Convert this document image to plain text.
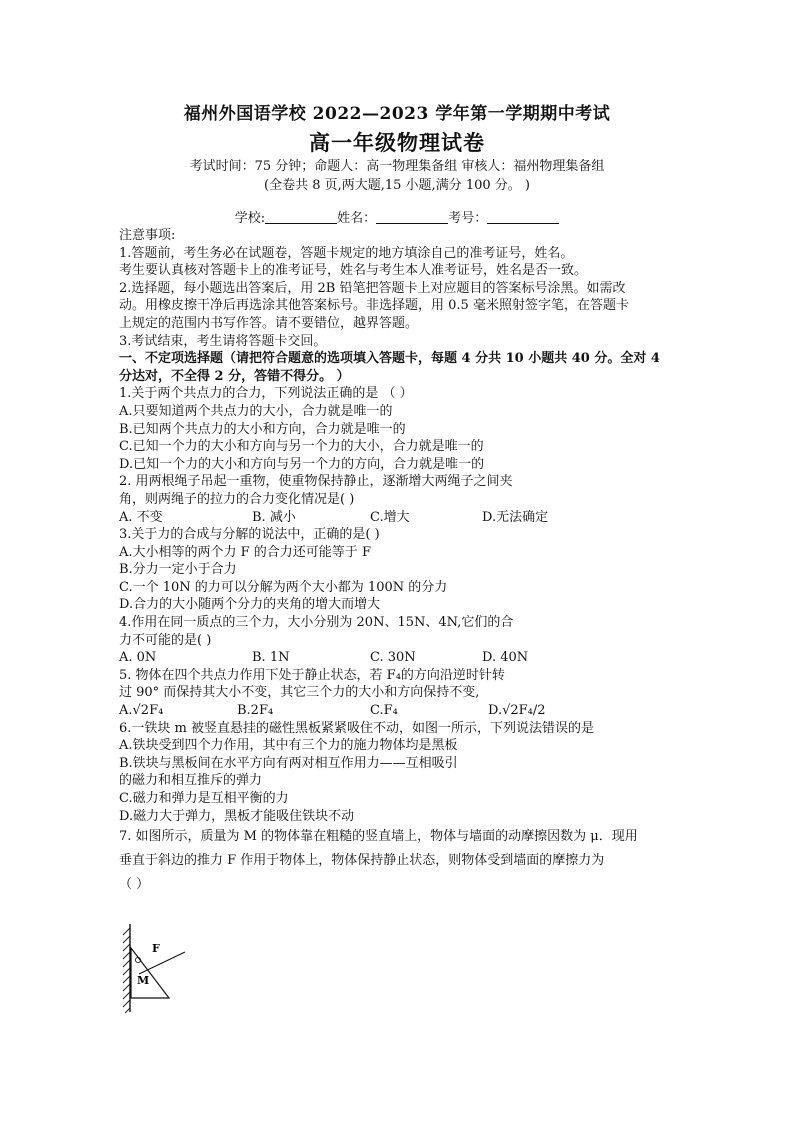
福州外国语学校 2022—2023 学年第一学期期中考试
高一年级物理试卷
考试时间：75 分钟；命题人：高一物理集备组 审核人：福州物理集备组
(全卷共 8 页,两大题,15 小题,满分 100 分。 )
学校:	姓名：	考号：
注意事项:
1.答题前，考生务必在试题卷，答题卡规定的地方填涂自己的准考证号，姓名。
考生要认真核对答题卡上的准考证号，姓名与考生本人准考证号，姓名是否一致。
2.选择题，每小题选出答案后，用 2B 铅笔把答题卡上对应题目的答案标号涂黑。如需改
动。用橡皮擦干净后再选涂其他答案标号。非选择题，用 0.5 毫米照射签字笔，在答题卡
上规定的范围内书写作答。请不要错位，越界答题。
3.考试结束，考生请将答题卡交回。
一、不定项选择题（请把符合题意的选项填入答题卡，每题 4 分共 10 小题共 40 分。全对 4
分达对，不全得 2 分，答错不得分。 ）
1.关于两个共点力的合力，下列说法正确的是 （ ）
A.只要知道两个共点力的大小，合力就是唯一的
B.已知两个共点力的大小和方向，合力就是唯一的
C.已知一个力的大小和方向与另一个力的大小，合力就是唯一的
D.已知一个力的大小和方向与另一个力的方向，合力就是唯一的
2. 用两根绳子吊起一重物，使重物保持静止，逐渐增大两绳子之间夹
角，则两绳子的拉力的合力变化情况是( )
A. 不变	B. 减小	C.增大	D.无法确定
3.关于力的合成与分解的说法中，正确的是( )
A.大小相等的两个力 F 的合力还可能等于 F
B.分力一定小于合力
C.一个 10N 的力可以分解为两个大小都为 100N 的分力
D.合力的大小随两个分力的夹角的增大而增大
4.作用在同一质点的三个力，大小分别为 20N、15N、4N,它们的合
力不可能的是( )
A. 0N	B. 1N	C. 30N	D. 40N
5. 物体在四个共点力作用下处于静止状态，若 F₄的方向沿逆时针转
过 90° 而保持其大小不变，其它三个力的大小和方向保持不变,
A.√2F₄	B.2F₄	C.F₄	D.√2F₄/2
6.一铁块 m 被竖直悬挂的磁性黑板紧紧吸住不动，如图一所示，下列说法错误的是
A.铁块受到四个力作用，其中有三个力的施力物体均是黑板
B.铁块与黑板间在水平方向有两对相互作用力——互相吸引
的磁力和相互推斥的弹力
C.磁力和弹力是互相平衡的力
D.磁力大于弹力，黑板才能吸住铁块不动
7. 如图所示，质量为 M 的物体靠在粗糙的竖直墙上，物体与墙面的动摩擦因数为 μ．现用
垂直于斜边的推力 F 作用于物体上，物体保持静止状态，则物体受到墙面的摩擦力为
（ ）
F
M
